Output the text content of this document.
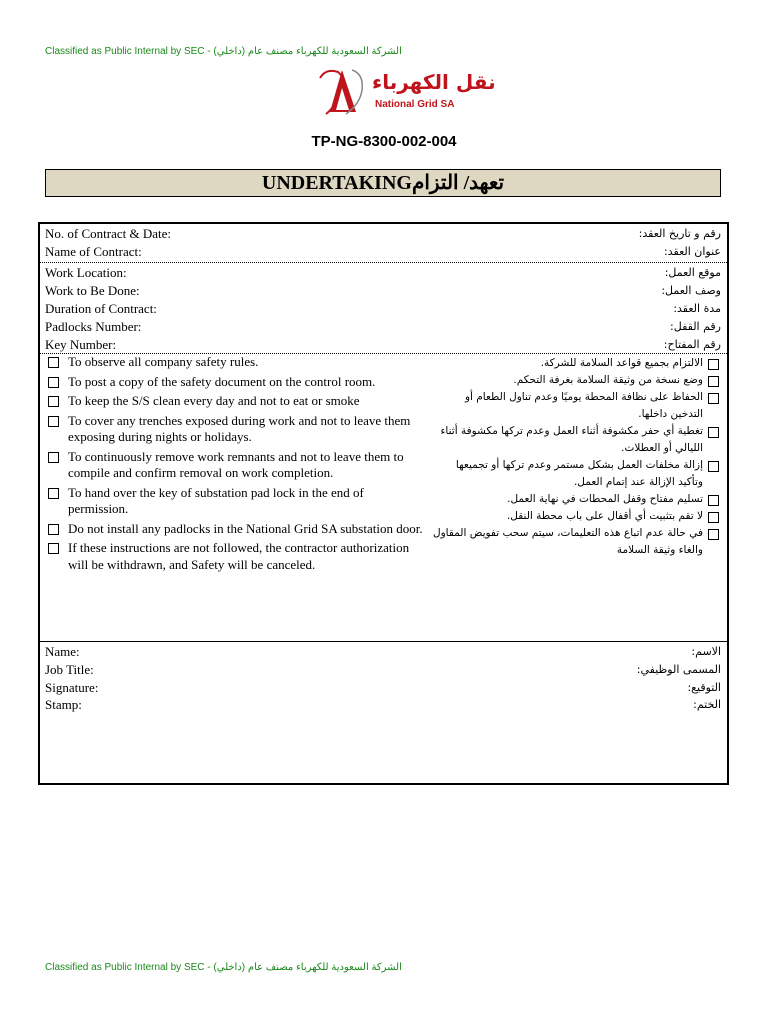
Classified as Public Internal by SEC - (داخلي) الشركة السعودية للكهرباء مصنف عام
نقل الكهرباء
National Grid SA
TP-NG-8300-002-004
UNDERTAKINGتعهد/ التزام
No. of Contract & Date:	رقم و تاريخ العقد:
Name of Contract:	عنوان العقد:
Work Location:	موقع العمل:
Work to Be Done:	وصف العمل:
Duration of Contract:	مدة العقد:
Padlocks Number:	رقم القفل:
Key Number:	رقم المفتاح:
To observe all company safety rules.
To post a copy of the safety document on the control room.
To keep the S/S clean every day and not to eat or smoke
To cover any trenches exposed during work and not to leave them exposing during nights or holidays.
To continuously remove work remnants and not to leave them to compile and confirm removal on work completion.
To hand over the key of substation pad lock in the end of permission.
Do not install any padlocks in the National Grid SA substation door.
If these instructions are not followed, the contractor authorization will be withdrawn, and Safety will be canceled.
الالتزام بجميع قواعد السلامة للشركة.
وضع نسخة من وثيقة السلامة بغرفة التحكم.
الحفاظ على نظافة المحطة يوميًا وعدم تناول الطعام أو التدخين داخلها.
تغطية أي حفر مكشوفة أثناء العمل وعدم تركها مكشوفة أثناء الليالي أو العطلات.
إزالة مخلفات العمل بشكل مستمر وعدم تركها أو تجميعها وتأكيد الإزالة عند إتمام العمل.
تسليم مفتاح وقفل المحطات في نهاية العمل.
لا تقم بتثبيت أي أقفال على باب محطة النقل.
في حالة عدم اتباع هذه التعليمات، سيتم سحب تفويض المقاول والغاء وثيقة السلامة
Name:	الاسم:
Job Title:	المسمى الوظيفي:
Signature:	التوقيع:
Stamp:	الختم:
Classified as Public Internal by SEC - (داخلي) الشركة السعودية للكهرباء مصنف عام
